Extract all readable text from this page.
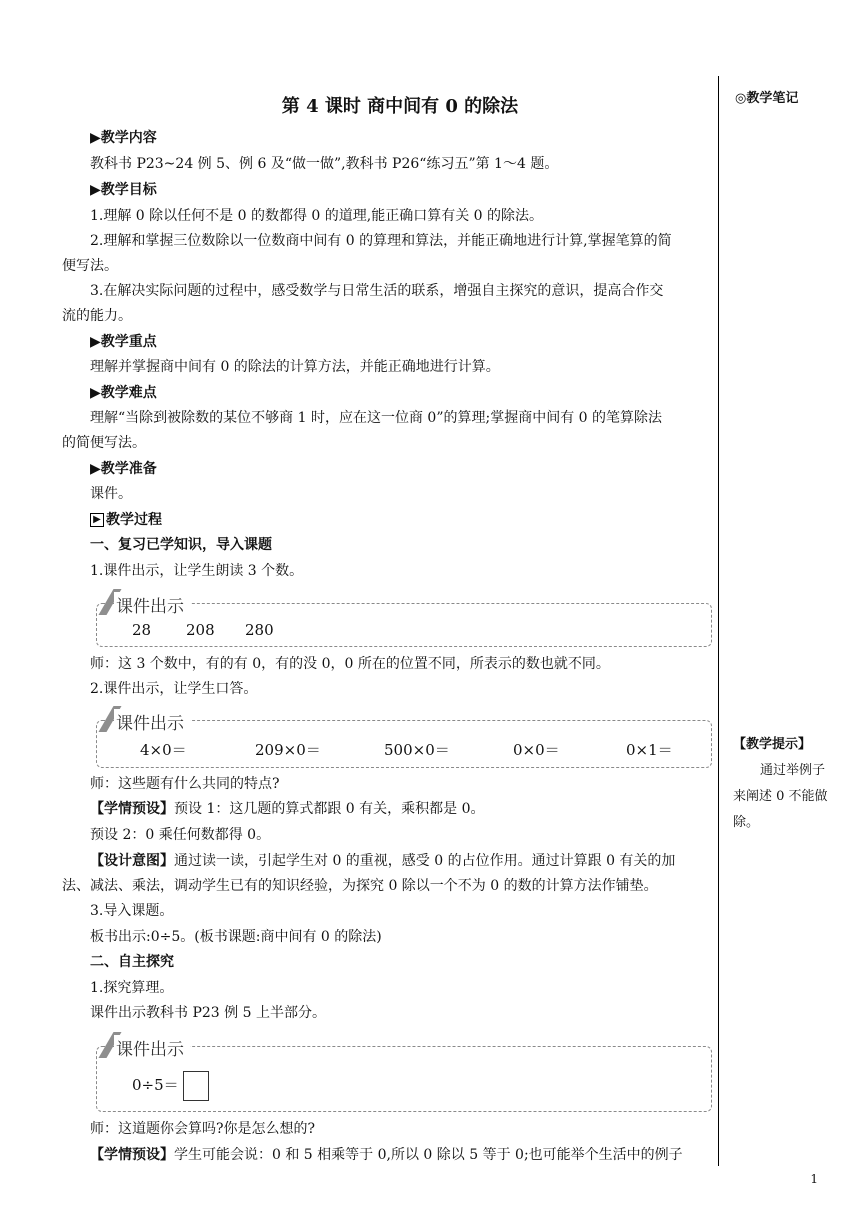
◎教学笔记
第 4 课时 商中间有 0 的除法
▶教学内容
教科书 P23~24 例 5、例 6 及“做一做”,教科书 P26“练习五”第 1～4 题。
▶教学目标
1.理解 0 除以任何不是 0 的数都得 0 的道理,能正确口算有关 0 的除法。
2.理解和掌握三位数除以一位数商中间有 0 的算理和算法，并能正确地进行计算,掌握笔算的简
便写法。
3.在解决实际问题的过程中，感受数学与日常生活的联系，增强自主探究的意识，提高合作交
流的能力。
▶教学重点
理解并掌握商中间有 0 的除法的计算方法，并能正确地进行计算。
▶教学难点
理解“当除到被除数的某位不够商 1 时，应在这一位商 0”的算理;掌握商中间有 0 的笔算除法
的简便写法。
▶教学准备
课件。
▶ 教学过程
一、复习已学知识，导入课题
1.课件出示，让学生朗读 3 个数。
课件出示
28 208 280
师：这 3 个数中，有的有 0，有的没 0，0 所在的位置不同，所表示的数也就不同。
2.课件出示，让学生口答。
课件出示
4×0＝	209×0＝	500×0＝	0×0＝	0×1＝
师：这些题有什么共同的特点?
【学情预设】预设 1：这几题的算式都跟 0 有关，乘积都是 0。
预设 2：0 乘任何数都得 0。
【设计意图】通过读一读，引起学生对 0 的重视，感受 0 的占位作用。通过计算跟 0 有关的加
法、减法、乘法，调动学生已有的知识经验，为探究 0 除以一个不为 0 的数的计算方法作铺垫。
3.导入课题。
板书出示:0÷5。(板书课题:商中间有 0 的除法)
二、自主探究
1.探究算理。
课件出示教科书 P23 例 5 上半部分。
课件出示
0÷5＝
师：这道题你会算吗?你是怎么想的?
【学情预设】学生可能会说：0 和 5 相乘等于 0,所以 0 除以 5 等于 0;也可能举个生活中的例子
【教学提示】
通过举例子
来阐述 0 不能做
除。
1
